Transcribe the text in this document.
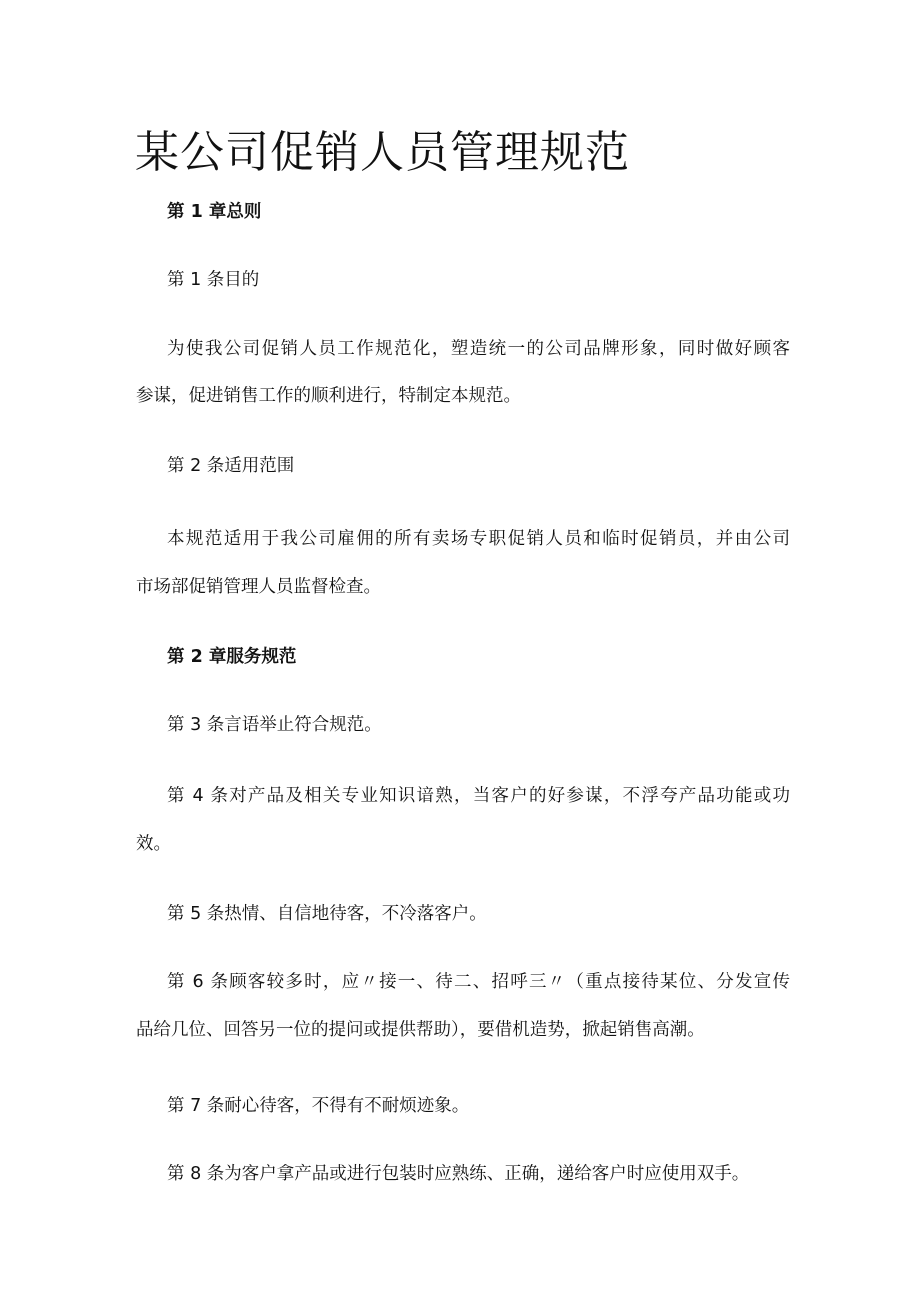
某公司促销人员管理规范

第 1 章总则

第 1 条目的

为使我公司促销人员工作规范化，塑造统一的公司品牌形象，同时做好顾客

参谋，促进销售工作的顺利进行，特制定本规范。

第 2 条适用范围

本规范适用于我公司雇佣的所有卖场专职促销人员和临时促销员，并由公司

市场部促销管理人员监督检查。

第 2 章服务规范

第 3 条言语举止符合规范。

第 4 条对产品及相关专业知识谙熟，当客户的好参谋，不浮夸产品功能或功

效。

第 5 条热情、自信地待客，不冷落客户。

第 6 条顾客较多时，应〃接一、待二、招呼三〃（重点接待某位、分发宣传

品给几位、回答另一位的提问或提供帮助），要借机造势，掀起销售高潮。

第 7 条耐心待客，不得有不耐烦迹象。

第 8 条为客户拿产品或进行包装时应熟练、正确，递给客户时应使用双手。
